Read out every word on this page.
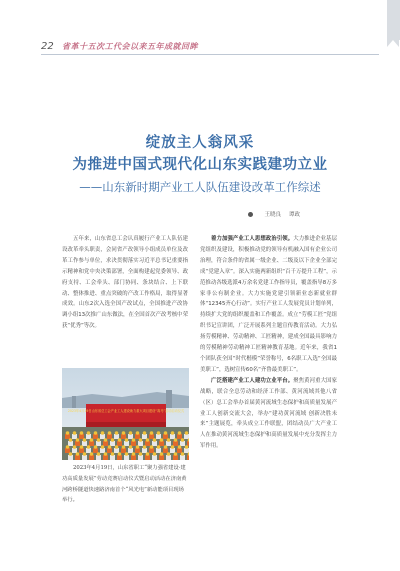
22 省革十五次工代会以来五年成就回眸
绽放主人翁风采
为推进中国式现代化山东实践建功立业
——山东新时期产业工人队伍建设改革工作综述
王晓良 谭政

五年来，山东省总工会认真履行产业工人队伍建设改革牵头职责，会同省产改领导小组成员单位及改革工作参与单位，求决贯彻落实习近平总书记重要指示精神和党中央决策部署，全面构建起党委领导、政府支持、工会牵头、部门协同、条块结合、上下联动、整体推进、重点突破的产改工作格局，取得显著成效。山东2次入选全国产改试点，全国推进产改协调小组13次推广山东做法，在全国首次产改考核中荣获“优秀”等次。

2023年4月19日山东省总工会产业工人建设助力重大项目建设“赛马”活动启动仪式

2023年4月19日，山东省职工“聚力强省建设·建功高质量发展”劳动竞赛启动仪式暨启动活动在济南黄河跨桥隧道快速路济南首个“风光电”新动能项目现场举行。

着力加强产业工人思想政治引领。大力推进企业基层党组织及建设，积极推动党的领导有机融入国有企业公司治理，符合条件的省属一级企业、二级及以下企业全部完成“党建入章”。深入实施两新组织“百千万提升工程”，示范推动各级选派4万余名党建工作指导员，覆盖指导8万多家非公有制企业。大力实施党建引领新业态新就业群体“12345齐心行动”。实行产业工人发展党员计划单列，持续扩大党的组织覆盖和工作覆盖。成立“劳模工匠”党组织书记宣讲团，广泛开展系列主题宣传教育活动。大力弘扬劳模精神、劳动精神、工匠精神，建成全国最具影响力的劳模精神劳动精神工匠精神教育基地。近年来，我省1个团队获全国“时代楷模”荣誉称号，6名职工入选“全国最美职工”，选树宣传60名“齐鲁最美职工”。

广泛搭建产业工人建功立业平台。聚焦黄河重大国家战略，联合全总劳动和经济工作部、黄河流域其他八省（区）总工会举办首届黄河流域生态保护和高质量发展产业工人创新交流大会，举办“建功黄河流域 创新决胜未来”主题展览，牵头成立工作联盟，团结动员广大产业工人在推动黄河流域生态保护和高质量发展中充分发挥主力军作用。
